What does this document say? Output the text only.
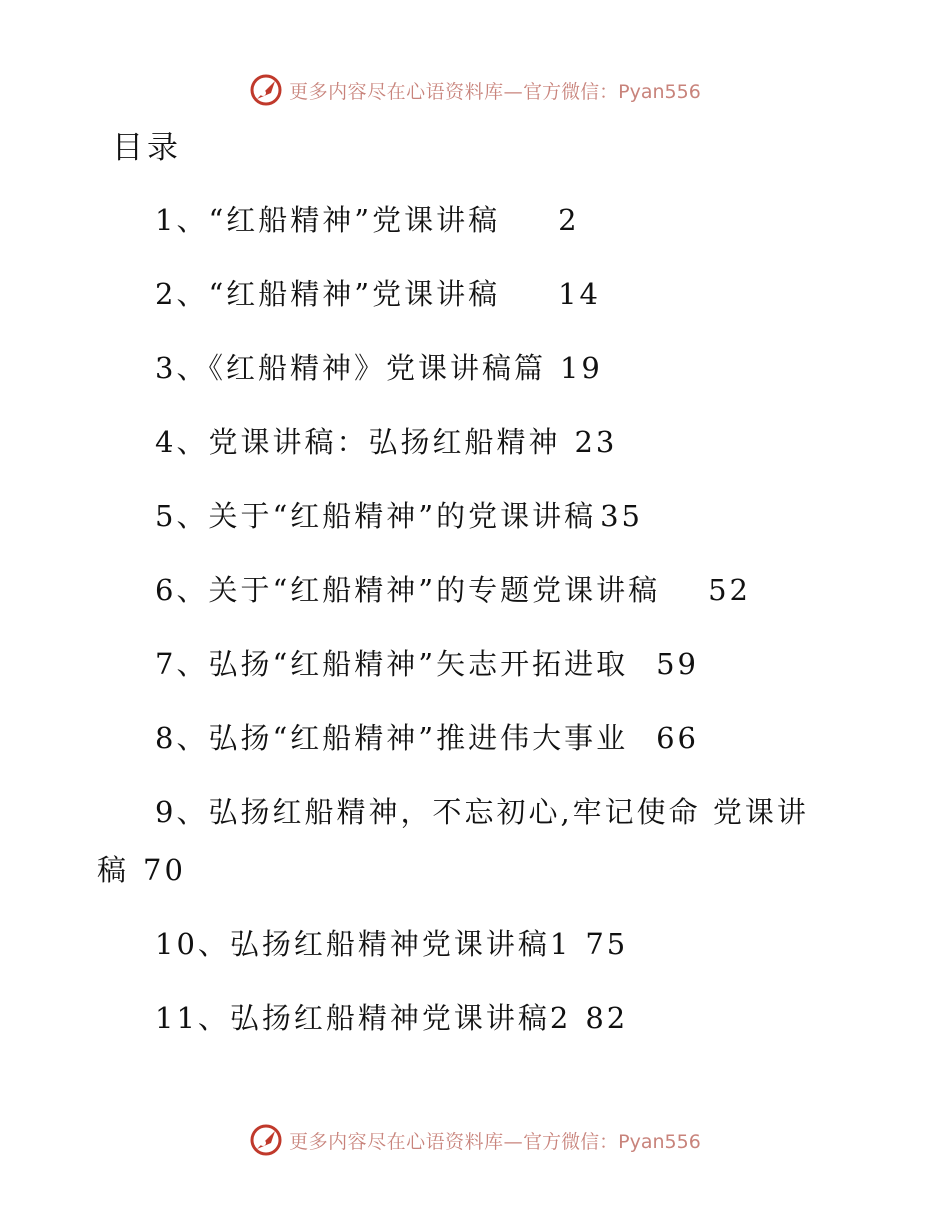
更多内容尽在心语资料库— 官方微信：Pyan556
目录
1、“红船精神”党课讲稿 2
2、“红船精神”党课讲稿 14
3、《红船精神》党课讲稿篇 19
4、党课讲稿：弘扬红船精神 23
5、关于“红船精神”的党课讲稿 35
6、关于“红船精神”的专题党课讲稿 52
7、弘扬“红船精神”矢志开拓进取 59
8、弘扬“红船精神”推进伟大事业 66
9、弘扬红船精神，不忘初心,牢记使命 党课讲
稿 70
10、弘扬红船精神党课讲稿1 75
11、弘扬红船精神党课讲稿2 82
更多内容尽在心语资料库— 官方微信：Pyan556
